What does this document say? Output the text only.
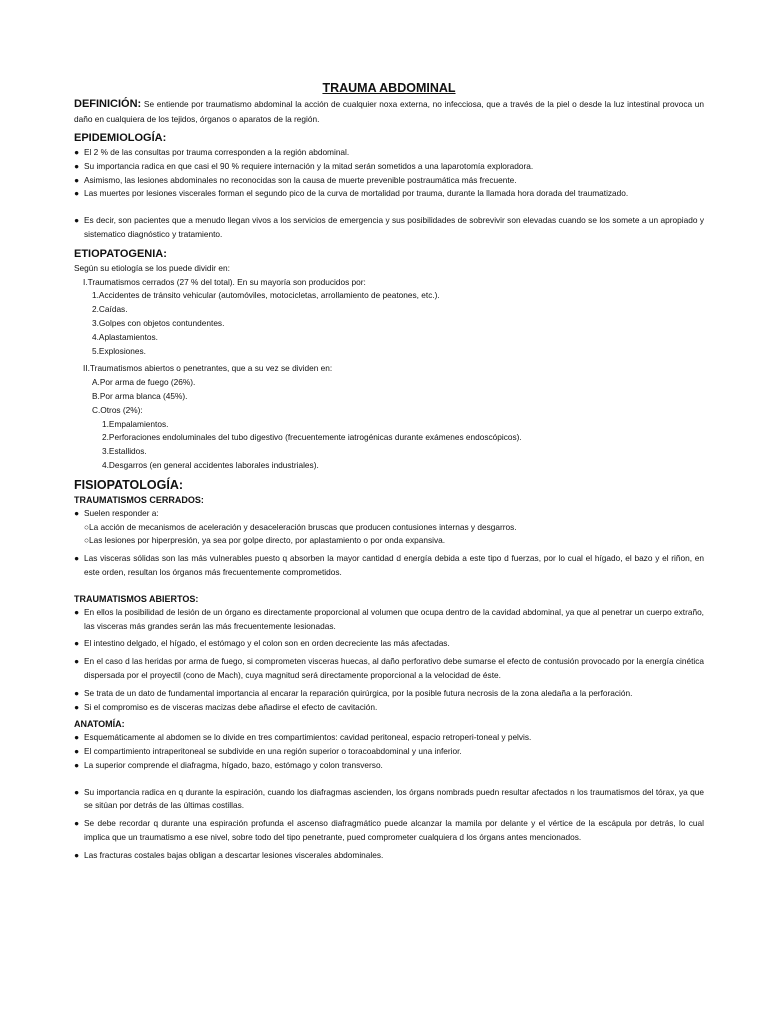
TRAUMA ABDOMINAL

DEFINICIÓN: Se entiende por traumatismo abdominal la acción de cualquier noxa externa, no infecciosa, que a través de la piel o desde la luz intestinal provoca un daño en cualquiera de los tejidos, órganos o aparatos de la región.

EPIDEMIOLOGÍA:

● El 2 % de las consultas por trauma corresponden a la región abdominal.

● Su importancia radica en que casi el 90 % requiere internación y la mitad serán sometidos a una laparotomía exploradora.

● Asimismo, las lesiones abdominales no reconocidas son la causa de muerte prevenible postraumática más frecuente.

● Las muertes por lesiones viscerales forman el segundo pico de la curva de mortalidad por trauma, durante la llamada hora dorada del traumatizado.

● Es decir, son pacientes que a menudo llegan vivos a los servicios de emergencia y sus posibilidades de sobrevivir son elevadas cuando se los somete a un apropiado y sistematico diagnóstico y tratamiento.

ETIOPATOGENIA:

Según su etiología se los puede dividir en:

I.Traumatismos cerrados (27 % del total). En su mayoría son producidos por:

1.Accidentes de tránsito vehicular (automóviles, motocicletas, arrollamiento de peatones, etc.).

2.Caídas.

3.Golpes con objetos contundentes.

4.Aplastamientos.

5.Explosiones.

II.Traumatismos abiertos o penetrantes, que a su vez se dividen en:

A.Por arma de fuego (26%).

B.Por arma blanca (45%).

C.Otros (2%):

1.Empalamientos.

2.Perforaciones endoluminales del tubo digestivo (frecuentemente iatrogénicas durante exámenes endoscópicos).

3.Estallidos.

4.Desgarros (en general accidentes laborales industriales).

FISIOPATOLOGÍA:
TRAUMATISMOS CERRADOS:

● Suelen responder a:

○La acción de mecanismos de aceleración y desaceleración bruscas que producen contusiones internas y desgarros.

○Las lesiones por hiperpresión, ya sea por golpe directo, por aplastamiento o por onda expansiva.

● Las visceras sólidas son las más vulnerables puesto q absorben la mayor cantidad d energía debida a este tipo d fuerzas, por lo cual el hígado, el bazo y el riñon, en este orden, resultan los órganos más frecuentemente comprometidos.

TRAUMATISMOS ABIERTOS:

● En ellos la posibilidad de lesión de un órgano es directamente proporcional al volumen que ocupa dentro de la cavidad abdominal, ya que al penetrar un cuerpo extraño, las visceras más grandes serán las más frecuentemente lesionadas.

● El intestino delgado, el hígado, el estómago y el colon son en orden decreciente las más afectadas.

● En el caso d las heridas por arma de fuego, si comprometen visceras huecas, al daño perforativo debe sumarse el efecto de contusión provocado por la energía cinética dispersada por el proyectil (cono de Mach), cuya magnitud será directamente proporcional a la velocidad de éste.

● Se trata de un dato de fundamental importancia al encarar la reparación quirúrgica, por la posible futura necrosis de la zona aledaña a la perforación.

● Si el compromiso es de visceras macizas debe añadirse el efecto de cavitación.

ANATOMÍA:

● Esquemáticamente al abdomen se lo divide en tres compartimientos: cavidad peritoneal, espacio retroperi-toneal y pelvis.

● El compartimiento intraperitoneal se subdivide en una región superior o toracoabdominal y una inferior.

● La superior comprende el diafragma, hígado, bazo, estómago y colon transverso.

● Su importancia radica en q durante la espiración, cuando los diafragmas ascienden, los órgans nombrads puedn resultar afectados n los traumatismos del tórax, ya que se sitúan por detrás de las últimas costillas.

● Se debe recordar q durante una espiración profunda el ascenso diafragmático puede alcanzar la mamila por delante y el vértice de la escápula por detrás, lo cual implica que un traumatismo a ese nivel, sobre todo del tipo penetrante, pued comprometer cualquiera d los órgans antes mencionados.

● Las fracturas costales bajas obligan a descartar lesiones viscerales abdominales.
